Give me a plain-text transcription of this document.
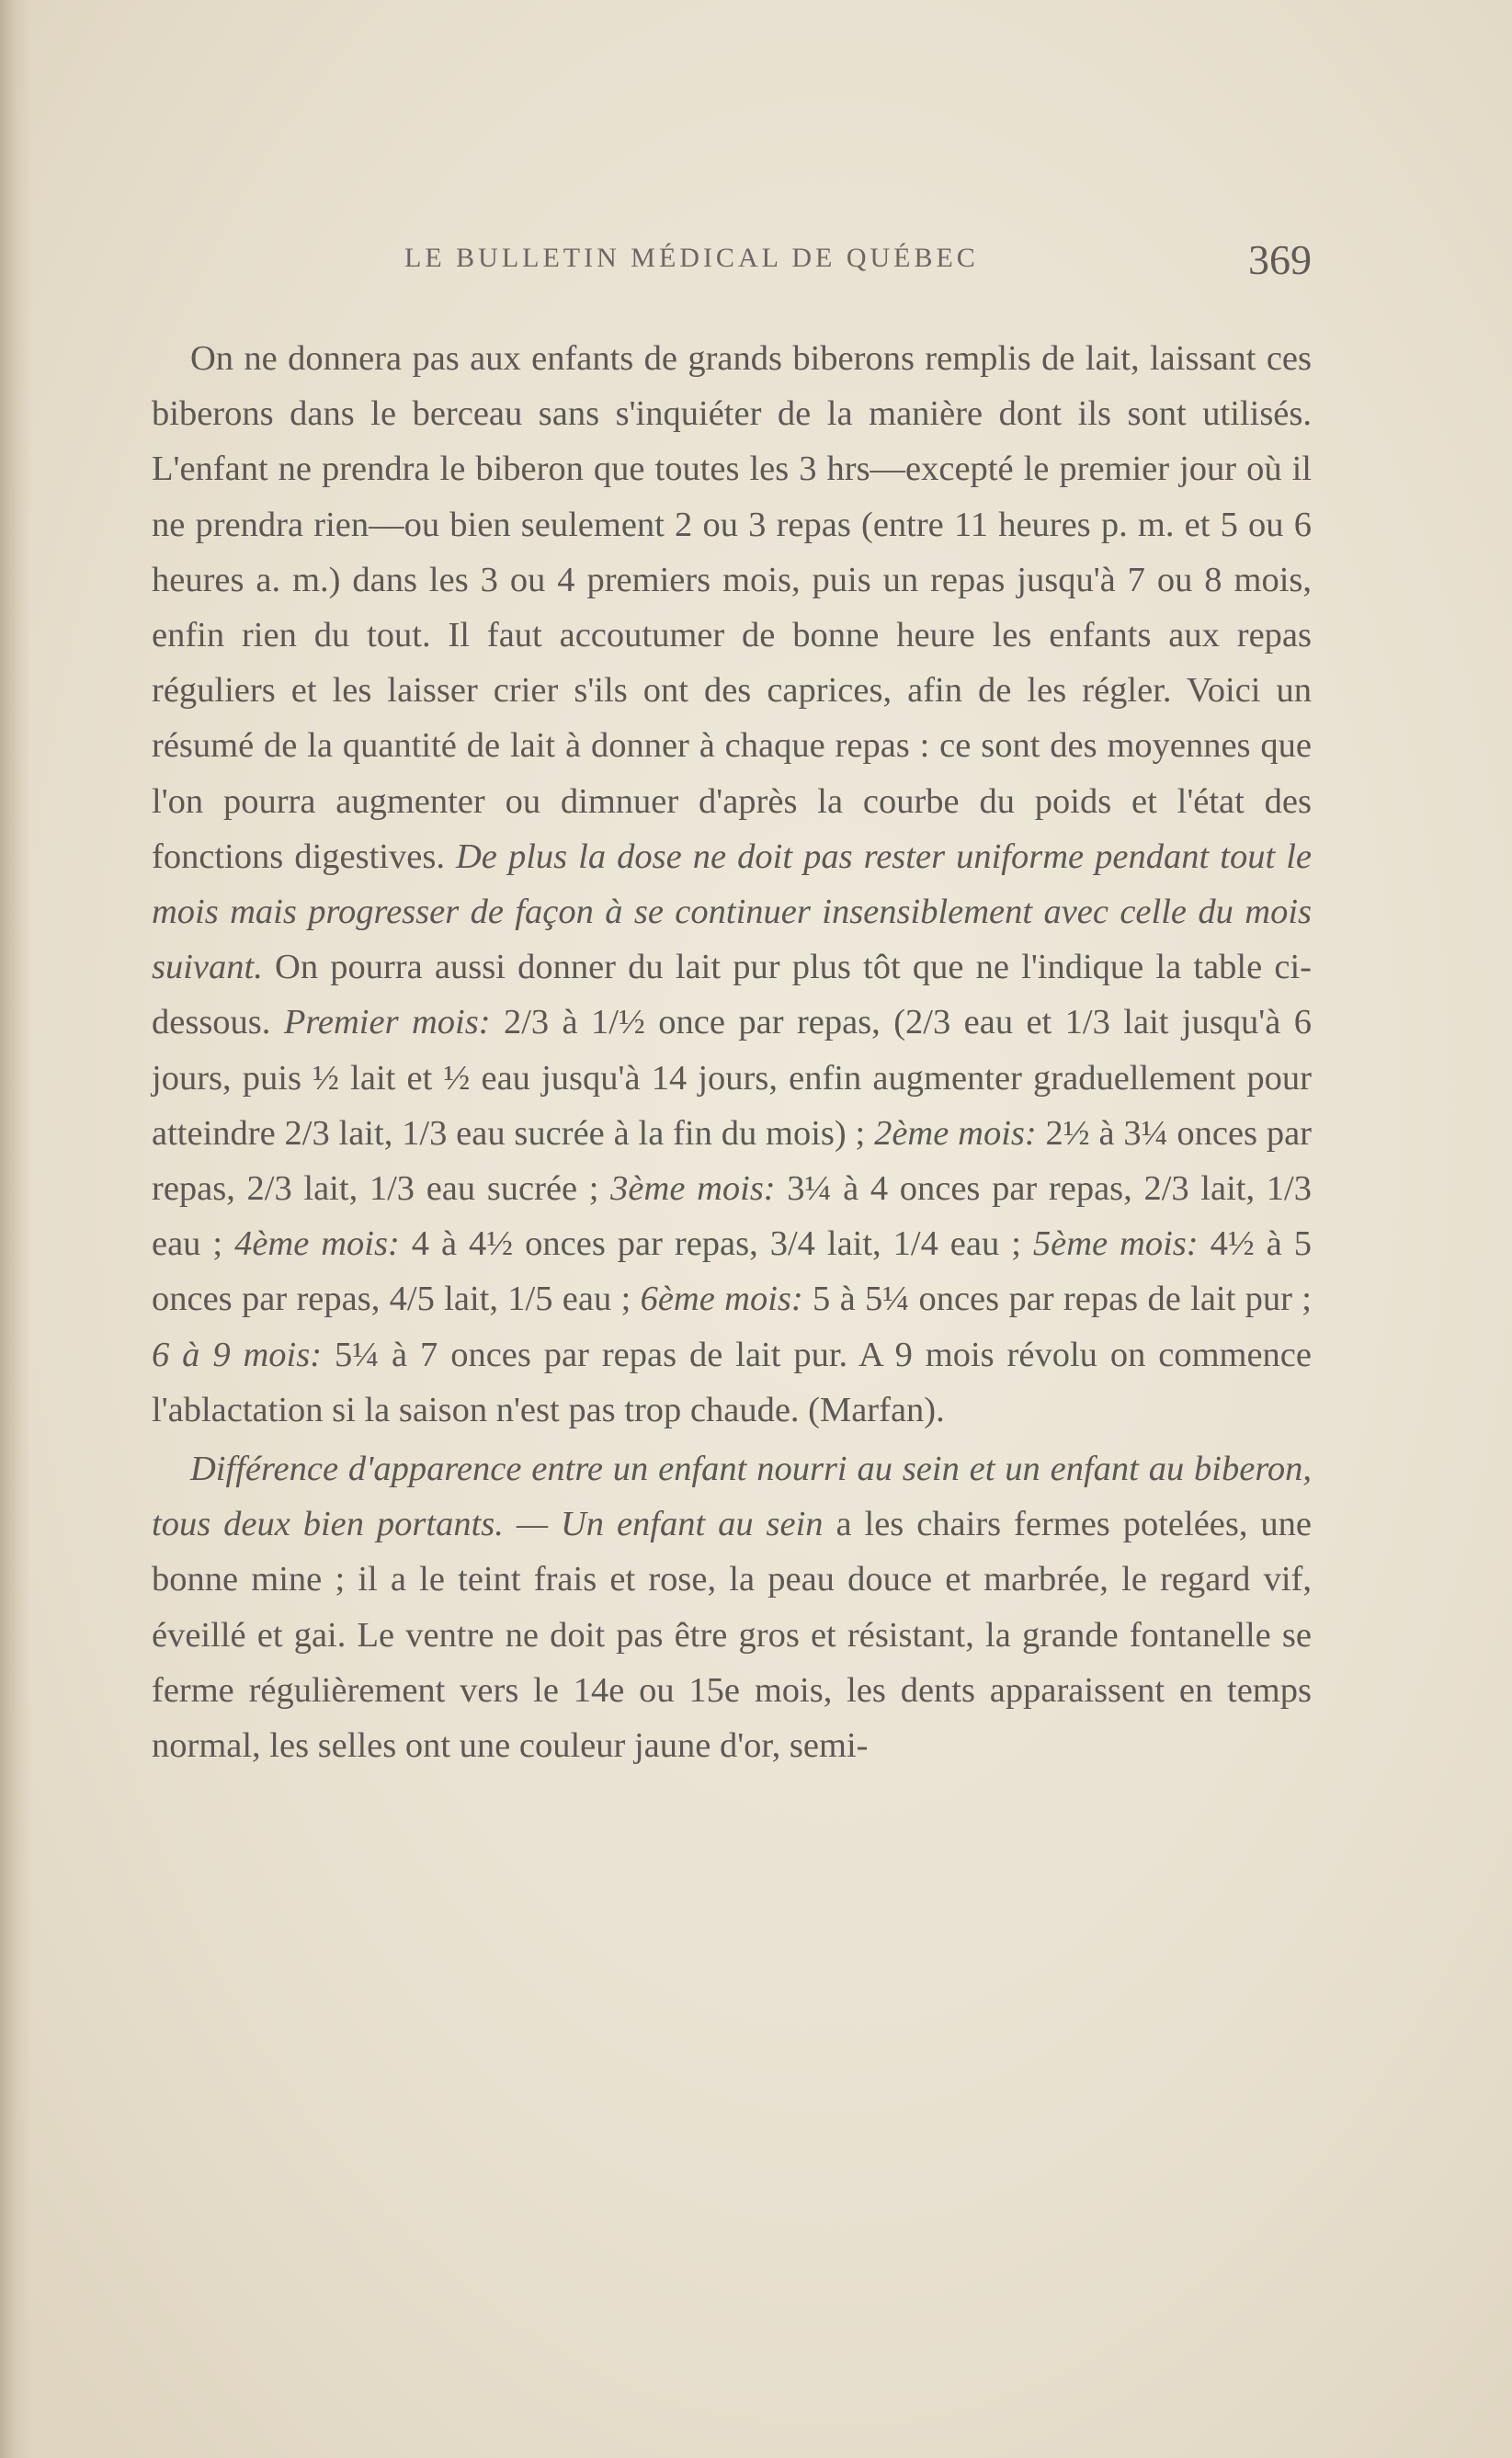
LE BULLETIN MÉDICAL DE QUÉBEC	369

On ne donnera pas aux enfants de grands biberons remplis de lait, laissant ces biberons dans le berceau sans s'inquiéter de la manière dont ils sont utilisés. L'enfant ne prendra le biberon que toutes les 3 hrs—excepté le premier jour où il ne prendra rien—ou bien seulement 2 ou 3 repas (entre 11 heures p. m. et 5 ou 6 heures a. m.) dans les 3 ou 4 premiers mois, puis un repas jusqu'à 7 ou 8 mois, enfin rien du tout. Il faut accoutumer de bonne heure les enfants aux repas réguliers et les laisser crier s'ils ont des caprices, afin de les régler. Voici un résumé de la quantité de lait à donner à chaque repas : ce sont des moyennes que l'on pourra augmenter ou dimnuer d'après la courbe du poids et l'état des fonctions digestives. De plus la dose ne doit pas rester uniforme pendant tout le mois mais progresser de façon à se continuer insensiblement avec celle du mois suivant. On pourra aussi donner du lait pur plus tôt que ne l'indique la table ci-dessous. Premier mois: 2/3 à 1/½ once par repas, (2/3 eau et 1/3 lait jusqu'à 6 jours, puis ½ lait et ½ eau jusqu'à 14 jours, enfin augmenter graduellement pour atteindre 2/3 lait, 1/3 eau sucrée à la fin du mois) ; 2ème mois: 2½ à 3¼ onces par repas, 2/3 lait, 1/3 eau sucrée ; 3ème mois: 3¼ à 4 onces par repas, 2/3 lait, 1/3 eau ; 4ème mois: 4 à 4½ onces par repas, 3/4 lait, 1/4 eau ; 5ème mois: 4½ à 5 onces par repas, 4/5 lait, 1/5 eau ; 6ème mois: 5 à 5¼ onces par repas de lait pur ; 6 à 9 mois: 5¼ à 7 onces par repas de lait pur. A 9 mois révolu on commence l'ablactation si la saison n'est pas trop chaude. (Marfan).

Différence d'apparence entre un enfant nourri au sein et un enfant au biberon, tous deux bien portants. — Un enfant au sein a les chairs fermes potelées, une bonne mine ; il a le teint frais et rose, la peau douce et marbrée, le regard vif, éveillé et gai. Le ventre ne doit pas être gros et résistant, la grande fontanelle se ferme régulièrement vers le 14e ou 15e mois, les dents apparaissent en temps normal, les selles ont une couleur jaune d'or, semi-
